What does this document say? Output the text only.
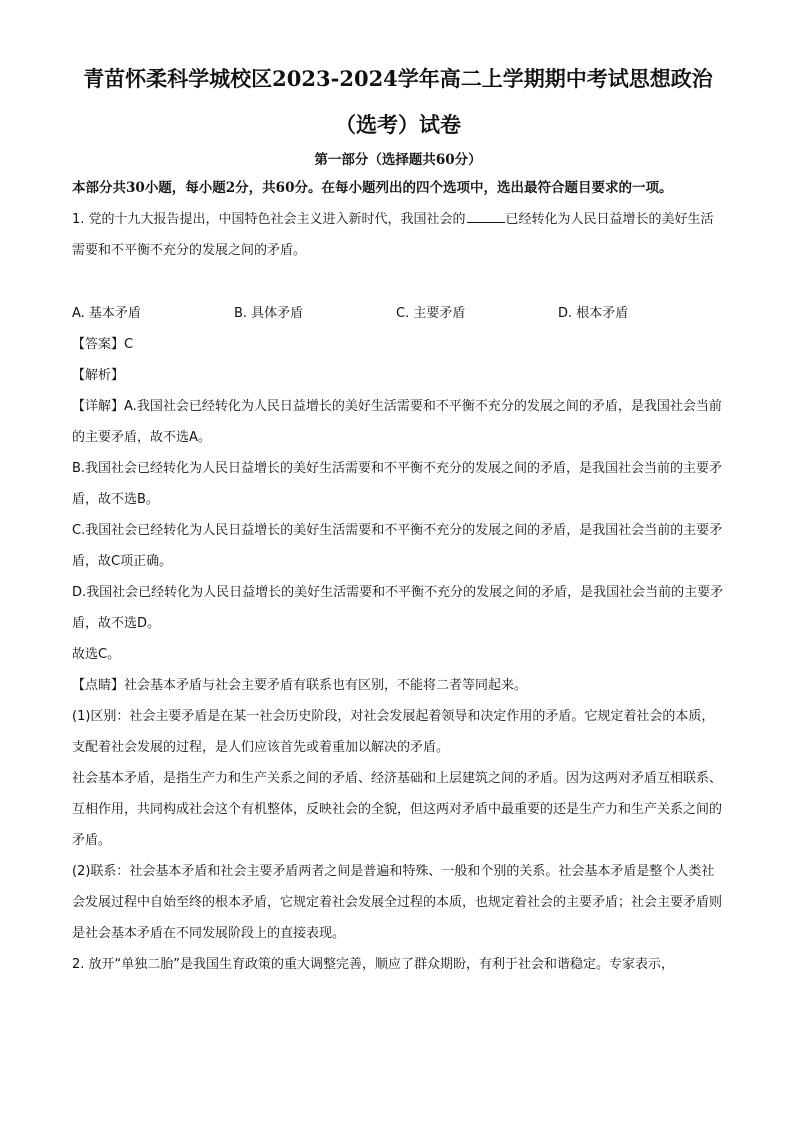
青苗怀柔科学城校区2023-2024学年高二上学期期中考试思想政治
（选考）试卷
第一部分（选择题共60分）
本部分共30小题，每小题2分，共60分。在每小题列出的四个选项中，选出最符合题目要求的一项。

1. 党的十九大报告提出，中国特色社会主义进入新时代，我国社会的	已经转化为人民日益增长的美好生活需要和不平衡不充分的发展之间的矛盾。

A. 基本矛盾	B. 具体矛盾	C. 主要矛盾	D. 根本矛盾

【答案】C

【解析】

【详解】A.我国社会已经转化为人民日益增长的美好生活需要和不平衡不充分的发展之间的矛盾，是我国社会当前的主要矛盾，故不选A。

B.我国社会已经转化为人民日益增长的美好生活需要和不平衡不充分的发展之间的矛盾，是我国社会当前的主要矛盾，故不选B。

C.我国社会已经转化为人民日益增长的美好生活需要和不平衡不充分的发展之间的矛盾，是我国社会当前的主要矛盾，故C项正确。

D.我国社会已经转化为人民日益增长的美好生活需要和不平衡不充分的发展之间的矛盾，是我国社会当前的主要矛盾，故不选D。

故选C。

【点睛】社会基本矛盾与社会主要矛盾有联系也有区别，不能将二者等同起来。

(1)区别：社会主要矛盾是在某一社会历史阶段，对社会发展起着领导和决定作用的矛盾。它规定着社会的本质，支配着社会发展的过程，是人们应该首先或着重加以解决的矛盾。

社会基本矛盾，是指生产力和生产关系之间的矛盾、经济基础和上层建筑之间的矛盾。因为这两对矛盾互相联系、互相作用，共同构成社会这个有机整体，反映社会的全貌，但这两对矛盾中最重要的还是生产力和生产关系之间的矛盾。

(2)联系：社会基本矛盾和社会主要矛盾两者之间是普遍和特殊、一般和个别的关系。社会基本矛盾是整个人类社会发展过程中自始至终的根本矛盾，它规定着社会发展全过程的本质，也规定着社会的主要矛盾；社会主要矛盾则是社会基本矛盾在不同发展阶段上的直接表现。

2. 放开“单独二胎”是我国生育政策的重大调整完善，顺应了群众期盼，有利于社会和谐稳定。专家表示，
